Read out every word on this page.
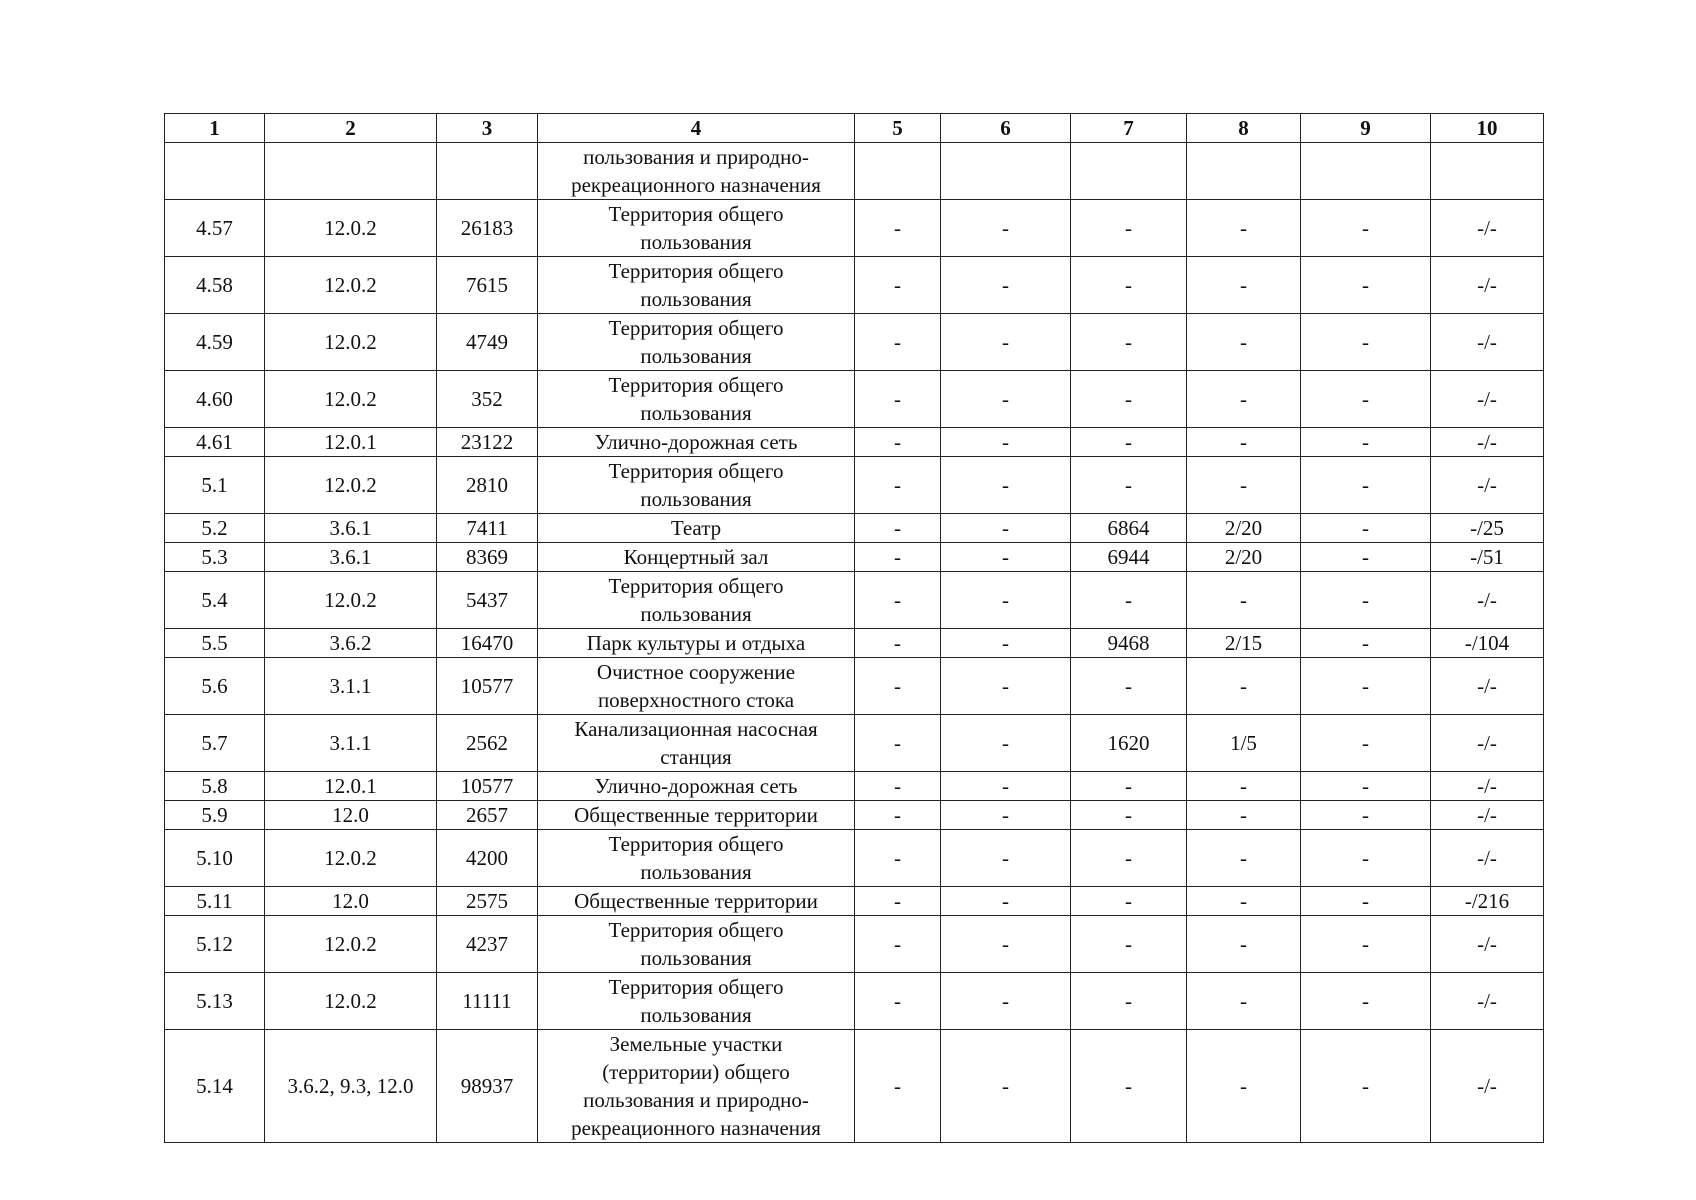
1	2	3	4	5	6	7	8	9	10
			пользования и природно-
рекреационного назначения						
4.57	12.0.2	26183	Территория общего
пользования	-	-	-	-	-	-/-
4.58	12.0.2	7615	Территория общего
пользования	-	-	-	-	-	-/-
4.59	12.0.2	4749	Территория общего
пользования	-	-	-	-	-	-/-
4.60	12.0.2	352	Территория общего
пользования	-	-	-	-	-	-/-
4.61	12.0.1	23122	Улично-дорожная сеть	-	-	-	-	-	-/-
5.1	12.0.2	2810	Территория общего
пользования	-	-	-	-	-	-/-
5.2	3.6.1	7411	Театр	-	-	6864	2/20	-	-/25
5.3	3.6.1	8369	Концертный зал	-	-	6944	2/20	-	-/51
5.4	12.0.2	5437	Территория общего
пользования	-	-	-	-	-	-/-
5.5	3.6.2	16470	Парк культуры и отдыха	-	-	9468	2/15	-	-/104
5.6	3.1.1	10577	Очистное сооружение
поверхностного стока	-	-	-	-	-	-/-
5.7	3.1.1	2562	Канализационная насосная
станция	-	-	1620	1/5	-	-/-
5.8	12.0.1	10577	Улично-дорожная сеть	-	-	-	-	-	-/-
5.9	12.0	2657	Общественные территории	-	-	-	-	-	-/-
5.10	12.0.2	4200	Территория общего
пользования	-	-	-	-	-	-/-
5.11	12.0	2575	Общественные территории	-	-	-	-	-	-/216
5.12	12.0.2	4237	Территория общего
пользования	-	-	-	-	-	-/-
5.13	12.0.2	11111	Территория общего
пользования	-	-	-	-	-	-/-
5.14	3.6.2, 9.3, 12.0	98937	Земельные участки
(территории) общего
пользования и природно-
рекреационного назначения	-	-	-	-	-	-/-
